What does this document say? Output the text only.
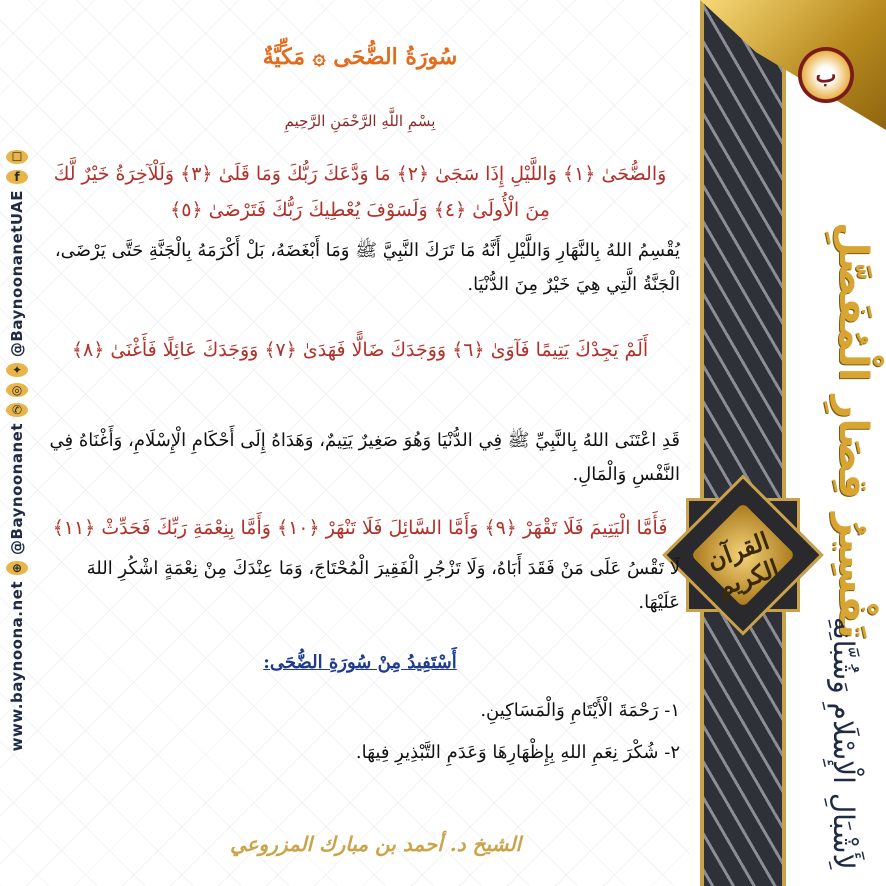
☐
f
@BaynoonanetUAE
✦
◎
✆
@Baynoonanet
⊕
www.baynoona.net
ب
تَفْسِيرُ قِصَارِ الْمُفَصَّلِ
لِأَشْبَالِ الْإِسْلَامِ وَشُبَّانِهِ
القرآن الكريم
سُورَةُ الضُّحَى ۞ مَكِّيَّةٌ
بِسْمِ اللَّهِ الرَّحْمَنِ الرَّحِيمِ
وَالضُّحَىٰ ﴿١﴾ وَاللَّيْلِ إِذَا سَجَىٰ ﴿٢﴾ مَا وَدَّعَكَ رَبُّكَ وَمَا قَلَىٰ ﴿٣﴾ وَلَلْآخِرَةُ خَيْرٌ لَّكَ مِنَ الْأُولَىٰ ﴿٤﴾ وَلَسَوْفَ يُعْطِيكَ رَبُّكَ فَتَرْضَىٰ ﴿٥﴾
يُقْسِمُ اللهُ بِالنَّهَارِ وَاللَّيْلِ أَنَّهُ مَا تَرَكَ النَّبِيَّ ﷺ وَمَا أَبْغَضَهُ، بَلْ أَكْرَمَهُ بِالْجَنَّةِ حَتَّى يَرْضَى، الْجَنَّةُ الَّتِي هِيَ خَيْرٌ مِنَ الدُّنْيَا.
أَلَمْ يَجِدْكَ يَتِيمًا فَآوَىٰ ﴿٦﴾ وَوَجَدَكَ ضَالًّا فَهَدَىٰ ﴿٧﴾ وَوَجَدَكَ عَائِلًا فَأَغْنَىٰ ﴿٨﴾
قَدِ اعْتَنَى اللهُ بِالنَّبِيِّ ﷺ فِي الدُّنْيَا وَهُوَ صَغِيرٌ يَتِيمٌ، وَهَدَاهُ إِلَى أَحْكَامِ الْإِسْلَامِ، وَأَغْنَاهُ فِي النَّفْسِ وَالْمَالِ.
فَأَمَّا الْيَتِيمَ فَلَا تَقْهَرْ ﴿٩﴾ وَأَمَّا السَّائِلَ فَلَا تَنْهَرْ ﴿١٠﴾ وَأَمَّا بِنِعْمَةِ رَبِّكَ فَحَدِّثْ ﴿١١﴾
لَا تَقْسُ عَلَى مَنْ فَقَدَ أَبَاهُ، وَلَا تَزْجُرِ الْفَقِيرَ الْمُحْتَاجَ، وَمَا عِنْدَكَ مِنْ نِعْمَةٍ اشْكُرِ اللهَ عَلَيْهَا.
أَسْتَفِيدُ مِنْ سُورَةِ الضُّحَى:
١- رَحْمَةَ الْأَيْتَامِ وَالْمَسَاكِينِ.
٢- شُكْرَ نِعَمِ اللهِ بِإِظْهَارِهَا وَعَدَمِ التَّبْذِيرِ فِيهَا.
الشيخ د. أحمد بن مبارك المزروعي
